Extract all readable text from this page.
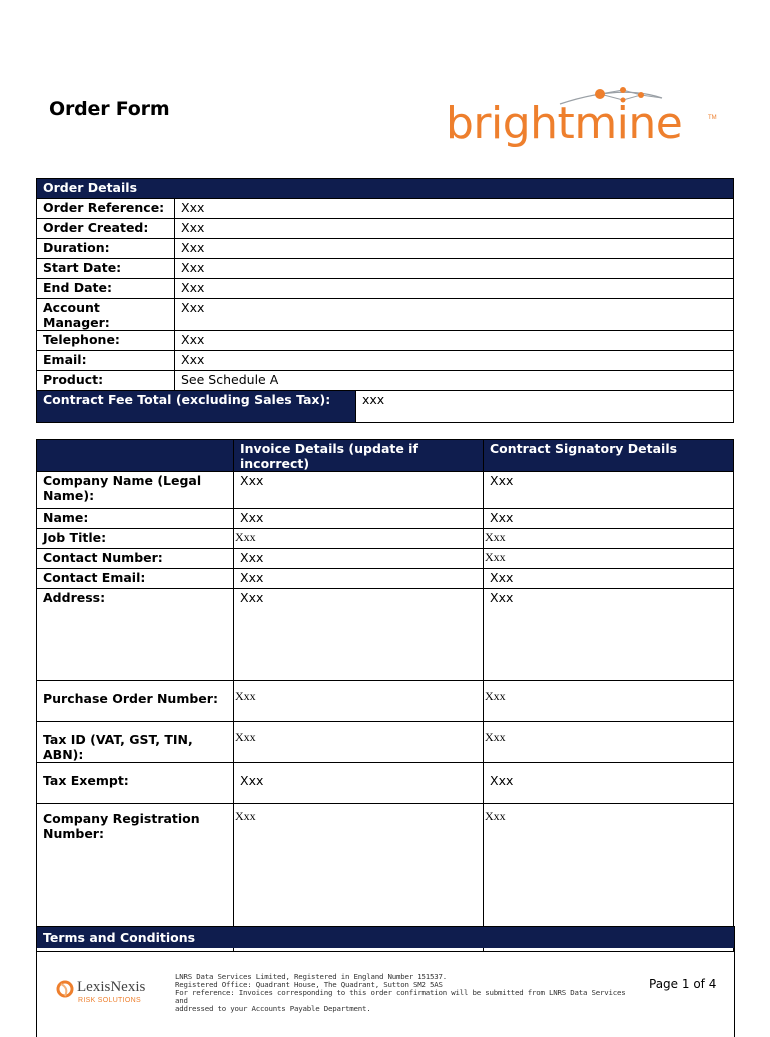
Order Form	brightmine	TM
Order Details		
Order Reference:	Xxx	
Order Created:	Xxx	
Duration:	Xxx	
Start Date:	Xxx	
End Date:	Xxx	
Account Manager:	Xxx	
Telephone:	Xxx	
Email:	Xxx	
Product:	See Schedule A	
Contract Fee Total (excluding Sales Tax):		xxx
	Invoice Details (update if incorrect)	Contract Signatory Details
Company Name (Legal Name):	Xxx	Xxx
Name:	Xxx	Xxx
Job Title:	Xxx	Xxx
Contact Number:	Xxx	Xxx
Contact Email:	Xxx	Xxx
Address:	Xxx	Xxx
Purchase Order Number:	Xxx	Xxx
Tax ID (VAT, GST, TIN, ABN):	Xxx	Xxx
Tax Exempt:	Xxx	Xxx
Company Registration Number:	Xxx	Xxx
Terms and Conditions
LexisNexis
RISK SOLUTIONS
LNRS Data Services Limited, Registered in England Number 151537.
Registered Office: Quadrant House, The Quadrant, Sutton SM2 5AS
For reference: Invoices corresponding to this order confirmation will be submitted from LNRS Data Services and
addressed to your Accounts Payable Department.
Page 1 of 4
